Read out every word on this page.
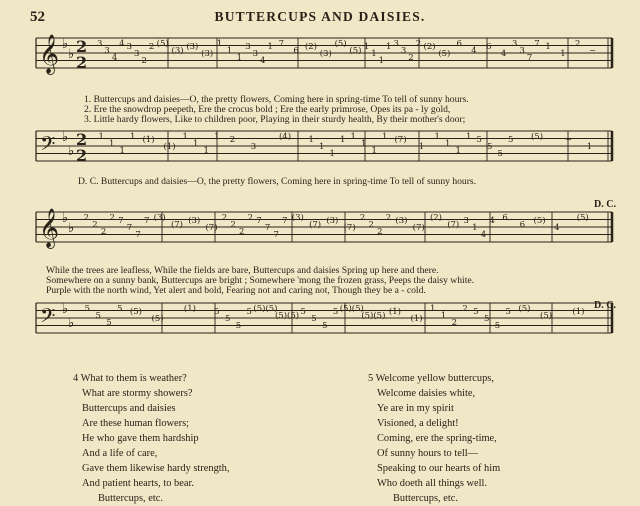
52	BUTTERCUPS AND DAISIES.
𝄞 ♭
♭ 2
2
3
3
4
4 3
3
2
2 (5)
(3) (3)
(3)
1
1
1
3
3
4
1 7
6 (2)
(3)
(5)
(5) 1
1
1
1 3
3
2
2 (2)
(5)
6
4 6
4
3
3
7
7 1
1
2
~
𝄢 ♭
♭
2
2
1
1
1
1 (1)
(1)
1
1
1
1 2
3
(4) 1
1
1
1 1
1
1
1 (7)
1
1
1
1
1 5
5
5
5 (5)	~
1
𝄞 ♭
♭
2
2
2
2 7
7
7
7 (3)
(7) (3)
(7)
2
2
2
2 7
7
7
7 (3)
(7) (3)
(7)
2
2
2
2 (3)
(7)
(2)
(7) 3
1
4
4 6
6 (5)
4
(5)
𝄢 ♭
♭
5
5
5
5 (5)
(5)
(1) 5
5
5
5 (5)(5)
(5)(5) 5
5
5
5 (5)(5)
(5)(5) (1)
(1)
1
1
2
2 5
5
5
5 (5)
(5) (1)
1. Buttercups and daisies—O, the pretty flowers, Coming here in spring-time To tell of sunny hours.
2. Ere the snowdrop peepeth, Ere the crocus bold ; Ere the early primrose, Opes its pa - ly gold,
3. Little hardy flowers, Like to children poor, Playing in their sturdy health, By their mother's door;
D. C. Buttercups and daisies—O, the pretty flowers, Coming here in spring-time To tell of sunny hours.
While the trees are leafless, While the fields are bare, Buttercups and daisies Spring up here and there.
Somewhere on a sunny bank, Buttercups are bright ; Somewhere 'mong the frozen grass, Peeps the daisy white.
Purple with the north wind, Yet alert and bold, Fearing not and caring not, Though they be a - cold.
D. C.
D. C.
4 What to them is weather?
What are stormy showers?
Buttercups and daisies
Are these human flowers;
He who gave them hardship
And a life of care,
Gave them likewise hardy strength,
And patient hearts, to bear.
Buttercups, etc.
5 Welcome yellow buttercups,
Welcome daisies white,
Ye are in my spirit
Visioned, a delight!
Coming, ere the spring-time,
Of sunny hours to tell—
Speaking to our hearts of him
Who doeth all things well.
Buttercups, etc.
